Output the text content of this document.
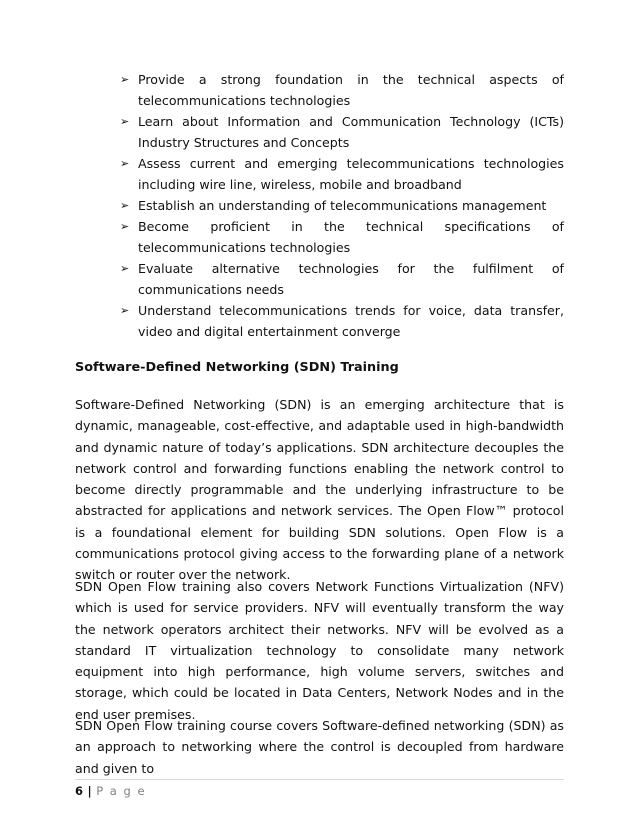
➢ Provide a strong foundation in the technical aspects of telecommunications technologies
➢ Learn about Information and Communication Technology (ICTs) Industry Structures and Concepts
➢ Assess current and emerging telecommunications technologies including wire line, wireless, mobile and broadband
➢ Establish an understanding of telecommunications management
➢ Become proficient in the technical specifications of telecommunications technologies
➢ Evaluate alternative technologies for the fulfilment of communications needs
➢ Understand telecommunications trends for voice, data transfer, video and digital entertainment converge
Software-Defined Networking (SDN) Training

Software-Defined Networking (SDN) is an emerging architecture that is dynamic, manageable, cost-effective, and adaptable used in high-bandwidth and dynamic nature of today’s applications. SDN architecture decouples the network control and forwarding functions enabling the network control to become directly programmable and the underlying infrastructure to be abstracted for applications and network services. The Open Flow™ protocol is a foundational element for building SDN solutions. Open Flow is a communications protocol giving access to the forwarding plane of a network switch or router over the network.

SDN Open Flow training also covers Network Functions Virtualization (NFV) which is used for service providers. NFV will eventually transform the way the network operators architect their networks. NFV will be evolved as a standard IT virtualization technology to consolidate many network equipment into high performance, high volume servers, switches and storage, which could be located in Data Centers, Network Nodes and in the end user premises.

SDN Open Flow training course covers Software-defined networking (SDN) as an approach to networking where the control is decoupled from hardware and given to

6 | P a g e
